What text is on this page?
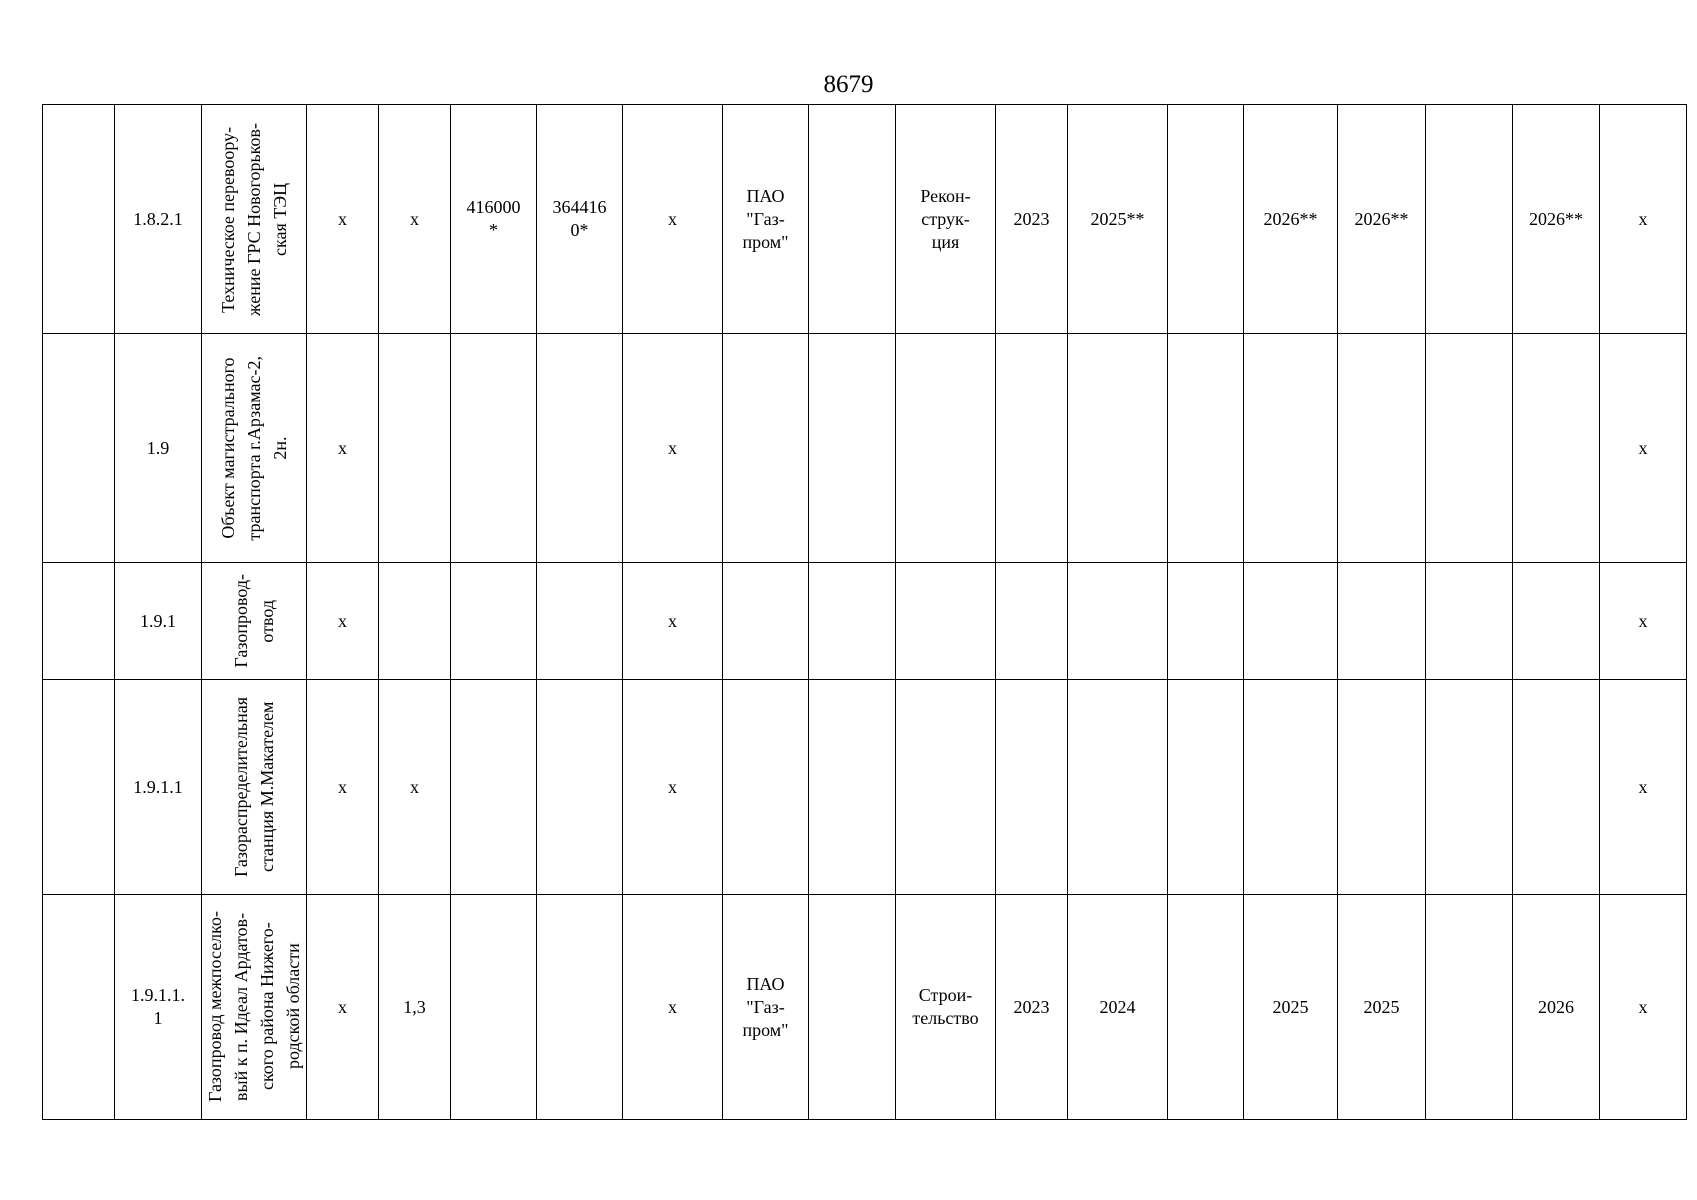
8679
	1.8.2.1	Техническое перевоору-
жение ГРС Новогорьков-
ская ТЭЦ	x	x	416000
*	364416
0*	x	ПАО
"Газ-
пром"		Рекон-
струк-
ция	2023	2025**		2026**	2026**		2026**	x
	1.9	Объект магистрального
транспорта г.Арзамас-2,
2н.	x				x											x
	1.9.1	Газопровод-
отвод	x				x											x
	1.9.1.1	Газораспределительная
станция М.Макателем	x	x			x											x
	1.9.1.1.
1	Газопровод межпоселко-
вый к п. Идеал Ардатов-
ского района Нижего-
родской области	x	1,3			x	ПАО
"Газ-
пром"		Строи-
тельство	2023	2024		2025	2025		2026	x
